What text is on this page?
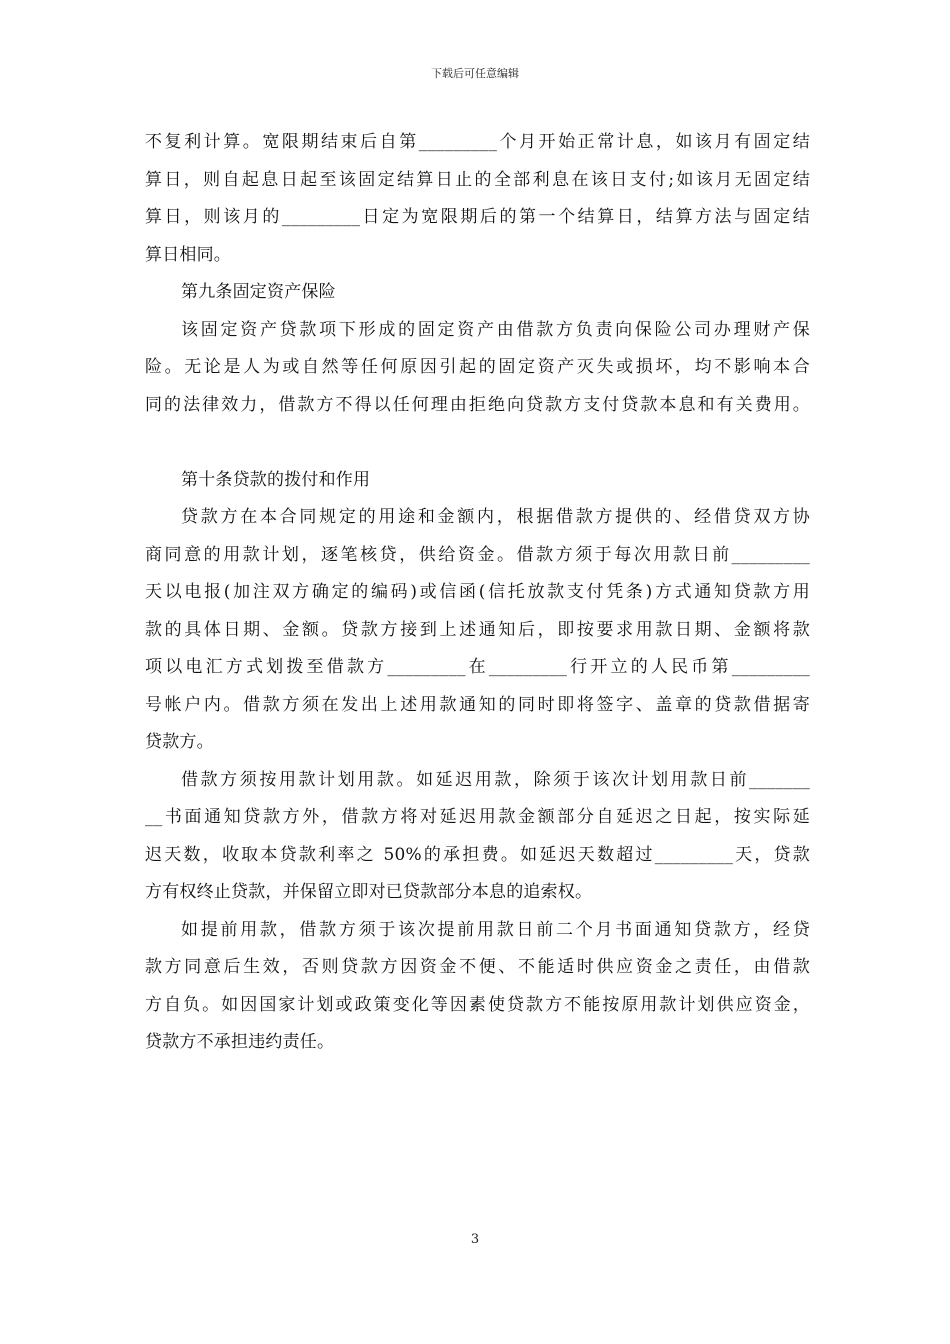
下载后可任意编辑
不复利计算。宽限期结束后自第_________个月开始正常计息，如该月有固定结
算日，则自起息日起至该固定结算日止的全部利息在该日支付;如该月无固定结
算日，则该月的_________日定为宽限期后的第一个结算日，结算方法与固定结
算日相同。
第九条固定资产保险
该固定资产贷款项下形成的固定资产由借款方负责向保险公司办理财产保
险。无论是人为或自然等任何原因引起的固定资产灭失或损坏，均不影响本合
同的法律效力，借款方不得以任何理由拒绝向贷款方支付贷款本息和有关费用。
第十条贷款的拨付和作用
贷款方在本合同规定的用途和金额内，根据借款方提供的、经借贷双方协
商同意的用款计划，逐笔核贷，供给资金。借款方须于每次用款日前_________
天以电报(加注双方确定的编码)或信函(信托放款支付凭条)方式通知贷款方用
款的具体日期、金额。贷款方接到上述通知后，即按要求用款日期、金额将款
项以电汇方式划拨至借款方_________在_________行开立的人民币第_________
号帐户内。借款方须在发出上述用款通知的同时即将签字、盖章的贷款借据寄
贷款方。
借款方须按用款计划用款。如延迟用款，除须于该次计划用款日前_______
__书面通知贷款方外，借款方将对延迟用款金额部分自延迟之日起，按实际延
迟天数，收取本贷款利率之 50%的承担费。如延迟天数超过_________天，贷款
方有权终止贷款，并保留立即对已贷款部分本息的追索权。
如提前用款，借款方须于该次提前用款日前二个月书面通知贷款方，经贷
款方同意后生效，否则贷款方因资金不便、不能适时供应资金之责任，由借款
方自负。如因国家计划或政策变化等因素使贷款方不能按原用款计划供应资金，
贷款方不承担违约责任。
3
